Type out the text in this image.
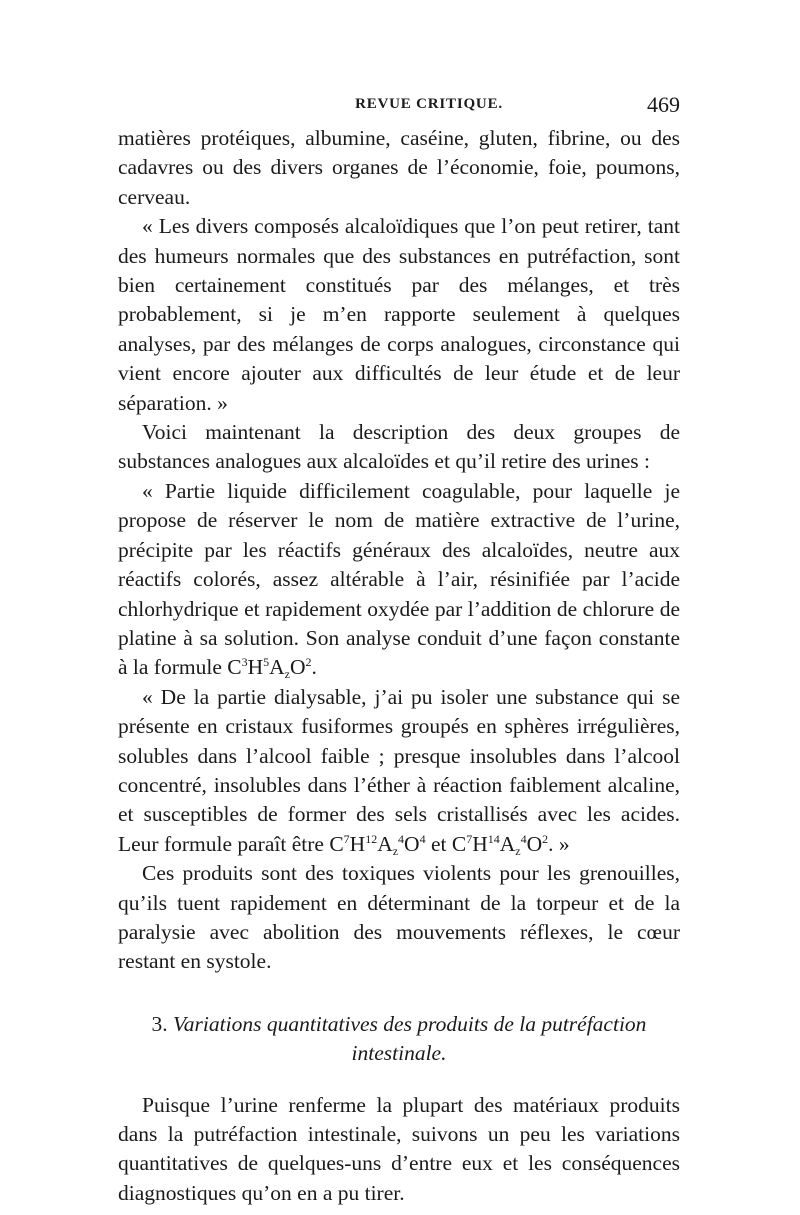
REVUE CRITIQUE.	469

matières protéiques, albumine, caséine, gluten, fibrine, ou des cadavres ou des divers organes de l’économie, foie, poumons, cerveau.

« Les divers composés alcaloïdiques que l’on peut retirer, tant des humeurs normales que des substances en putréfaction, sont bien certainement constitués par des mélanges, et très probablement, si je m’en rapporte seulement à quelques analyses, par des mélanges de corps analogues, circonstance qui vient encore ajouter aux difficultés de leur étude et de leur séparation. »

Voici maintenant la description des deux groupes de substances analogues aux alcaloïdes et qu’il retire des urines :

« Partie liquide difficilement coagulable, pour laquelle je propose de réserver le nom de matière extractive de l’urine, précipite par les réactifs généraux des alcaloïdes, neutre aux réactifs colorés, assez altérable à l’air, résinifiée par l’acide chlorhydrique et rapidement oxydée par l’addition de chlorure de platine à sa solution. Son analyse conduit d’une façon constante à la formule $C^3H^5A_zO^2$.

« De la partie dialysable, j’ai pu isoler une substance qui se présente en cristaux fusiformes groupés en sphères irrégulières, solubles dans l’alcool faible ; presque insolubles dans l’alcool concentré, insolubles dans l’éther à réaction faiblement alcaline, et susceptibles de former des sels cristallisés avec les acides. Leur formule paraît être $C^7H^{12}A_z^4O^4$ et $C^7H^{14}A_z^4O^2$. »

Ces produits sont des toxiques violents pour les grenouilles, qu’ils tuent rapidement en déterminant de la torpeur et de la paralysie avec abolition des mouvements réflexes, le cœur restant en systole.

3. Variations quantitatives des produits de la putréfaction intestinale.

Puisque l’urine renferme la plupart des matériaux produits dans la putréfaction intestinale, suivons un peu les variations quantitatives de quelques-uns d’entre eux et les conséquences diagnostiques qu’on en a pu tirer.
